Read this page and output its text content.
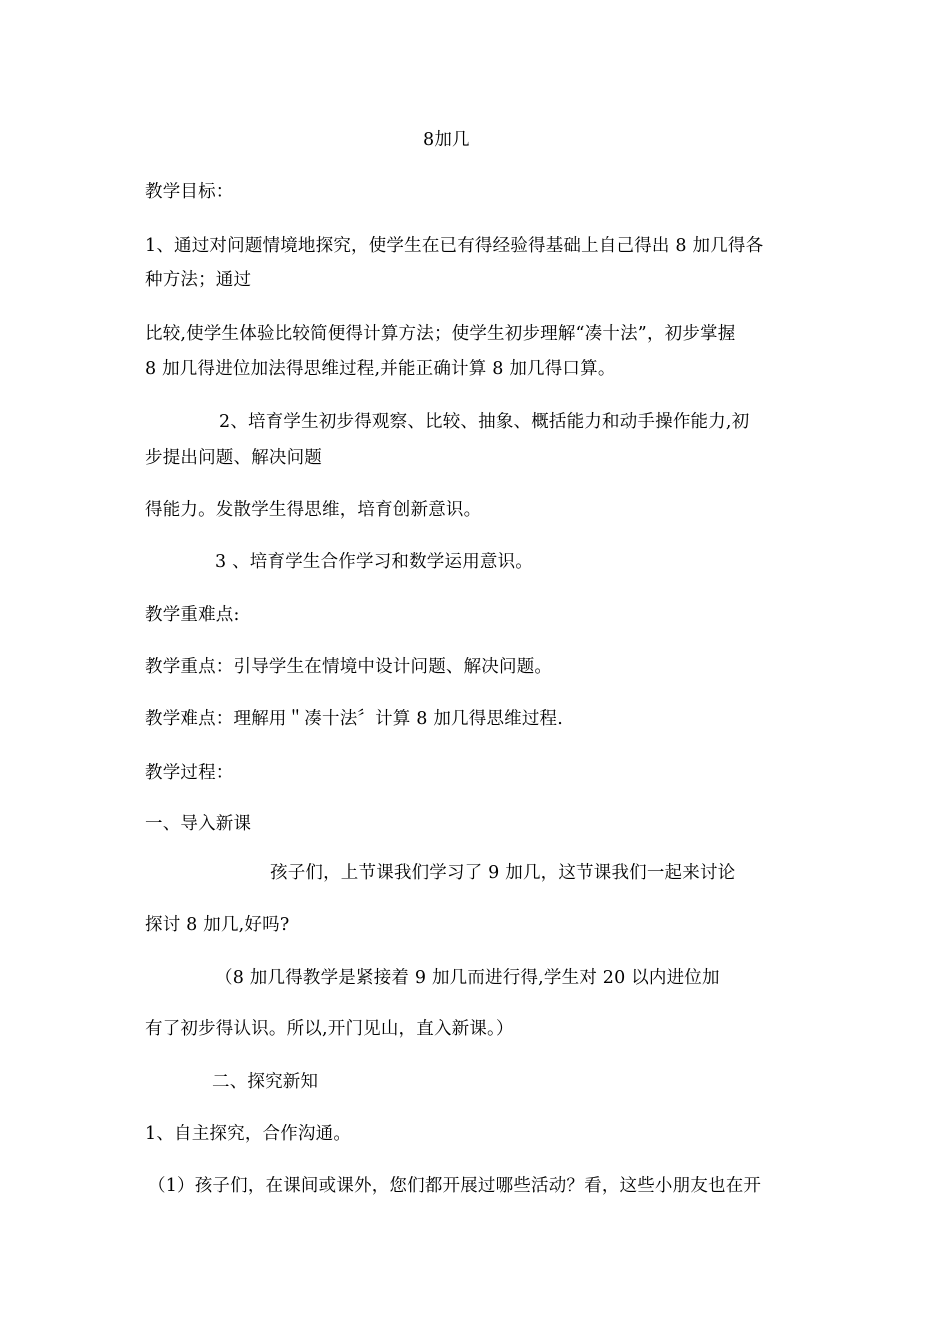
8加几
教学目标：
1、通过对问题情境地探究，使学生在已有得经验得基础上自己得出 8 加几得各
种方法；通过
比较,使学生体验比较简便得计算方法；使学生初步理解“凑十法”，初步掌握
8 加几得进位加法得思维过程,并能正确计算 8 加几得口算。
2、培育学生初步得观察、比较、抽象、概括能力和动手操作能力,初
步提出问题、解决问题
得能力。发散学生得思维，培育创新意识。
3 、培育学生合作学习和数学运用意识。
教学重难点:
教学重点：引导学生在情境中设计问题、解决问题。
教学难点：理解用＂凑十法〞计算 8 加几得思维过程.
教学过程：
一、导入新课
孩子们，上节课我们学习了 9 加几，这节课我们一起来讨论
探讨 8 加几,好吗?
（8 加几得教学是紧接着 9 加几而进行得,学生对 20 以内进位加
有了初步得认识。所以,开门见山，直入新课。）
二、探究新知
1、自主探究，合作沟通。
（1）孩子们，在课间或课外，您们都开展过哪些活动？看，这些小朋友也在开
